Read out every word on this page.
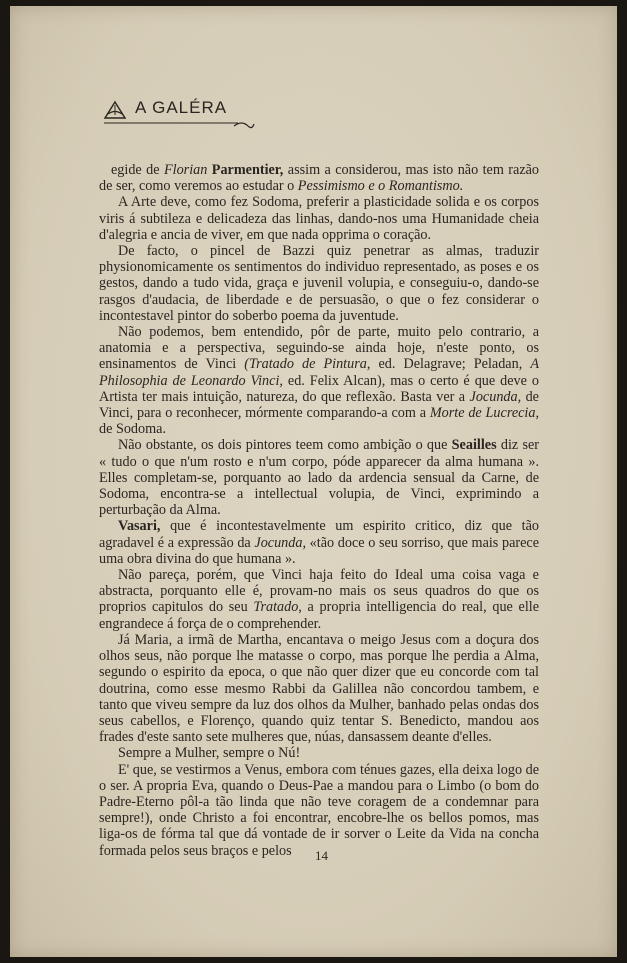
A GALÉRA

egide de Florian Parmentier, assim a considerou, mas isto não tem razão de ser, como veremos ao estudar o Pessimismo e o Romantismo.

A Arte deve, como fez Sodoma, preferir a plasticidade solida e os corpos viris á subtileza e delicadeza das linhas, dando-nos uma Humanidade cheia d'alegria e ancia de viver, em que nada opprima o coração.

De facto, o pincel de Bazzi quiz penetrar as almas, traduzir physionomicamente os sentimentos do individuo representado, as poses e os gestos, dando a tudo vida, graça e juvenil volupia, e conseguiu-o, dando-se rasgos d'audacia, de liberdade e de persuasão, o que o fez considerar o incontestavel pintor do soberbo poema da juventude.

Não podemos, bem entendido, pôr de parte, muito pelo contrario, a anatomia e a perspectiva, seguindo-se ainda hoje, n'este ponto, os ensinamentos de Vinci (Tratado de Pintura, ed. Delagrave; Peladan, A Philosophia de Leonardo Vinci, ed. Felix Alcan), mas o certo é que deve o Artista ter mais intuição, natureza, do que reflexão. Basta ver a Jocunda, de Vinci, para o reconhecer, mórmente comparando-a com a Morte de Lucrecia, de Sodoma.

Não obstante, os dois pintores teem como ambição o que Seailles diz ser « tudo o que n'um rosto e n'um corpo, póde apparecer da alma humana ». Elles completam-se, porquanto ao lado da ardencia sensual da Carne, de Sodoma, encontra-se a intellectual volupia, de Vinci, exprimindo a perturbação da Alma.

Vasari, que é incontestavelmente um espirito critico, diz que tão agradavel é a expressão da Jocunda, «tão doce o seu sorriso, que mais parece uma obra divina do que humana ».

Não pareça, porém, que Vinci haja feito do Ideal uma coisa vaga e abstracta, porquanto elle é, provam-no mais os seus quadros do que os proprios capitulos do seu Tratado, a propria intelligencia do real, que elle engrandece á força de o comprehender.

Já Maria, a irmã de Martha, encantava o meigo Jesus com a doçura dos olhos seus, não porque lhe matasse o corpo, mas porque lhe perdia a Alma, segundo o espirito da epoca, o que não quer dizer que eu concorde com tal doutrina, como esse mesmo Rabbi da Galillea não concordou tambem, e tanto que viveu sempre da luz dos olhos da Mulher, banhado pelas ondas dos seus cabellos, e Florenço, quando quiz tentar S. Benedicto, mandou aos frades d'este santo sete mulheres que, núas, dansassem deante d'elles.

Sempre a Mulher, sempre o Nú!

E' que, se vestirmos a Venus, embora com ténues gazes, ella deixa logo de o ser. A propria Eva, quando o Deus-Pae a mandou para o Limbo (o bom do Padre-Eterno pôl-a tão linda que não teve coragem de a condemnar para sempre!), onde Christo a foi encontrar, encobre-lhe os bellos pomos, mas liga-os de fórma tal que dá vontade de ir sorver o Leite da Vida na concha formada pelos seus braços e pelos	14
